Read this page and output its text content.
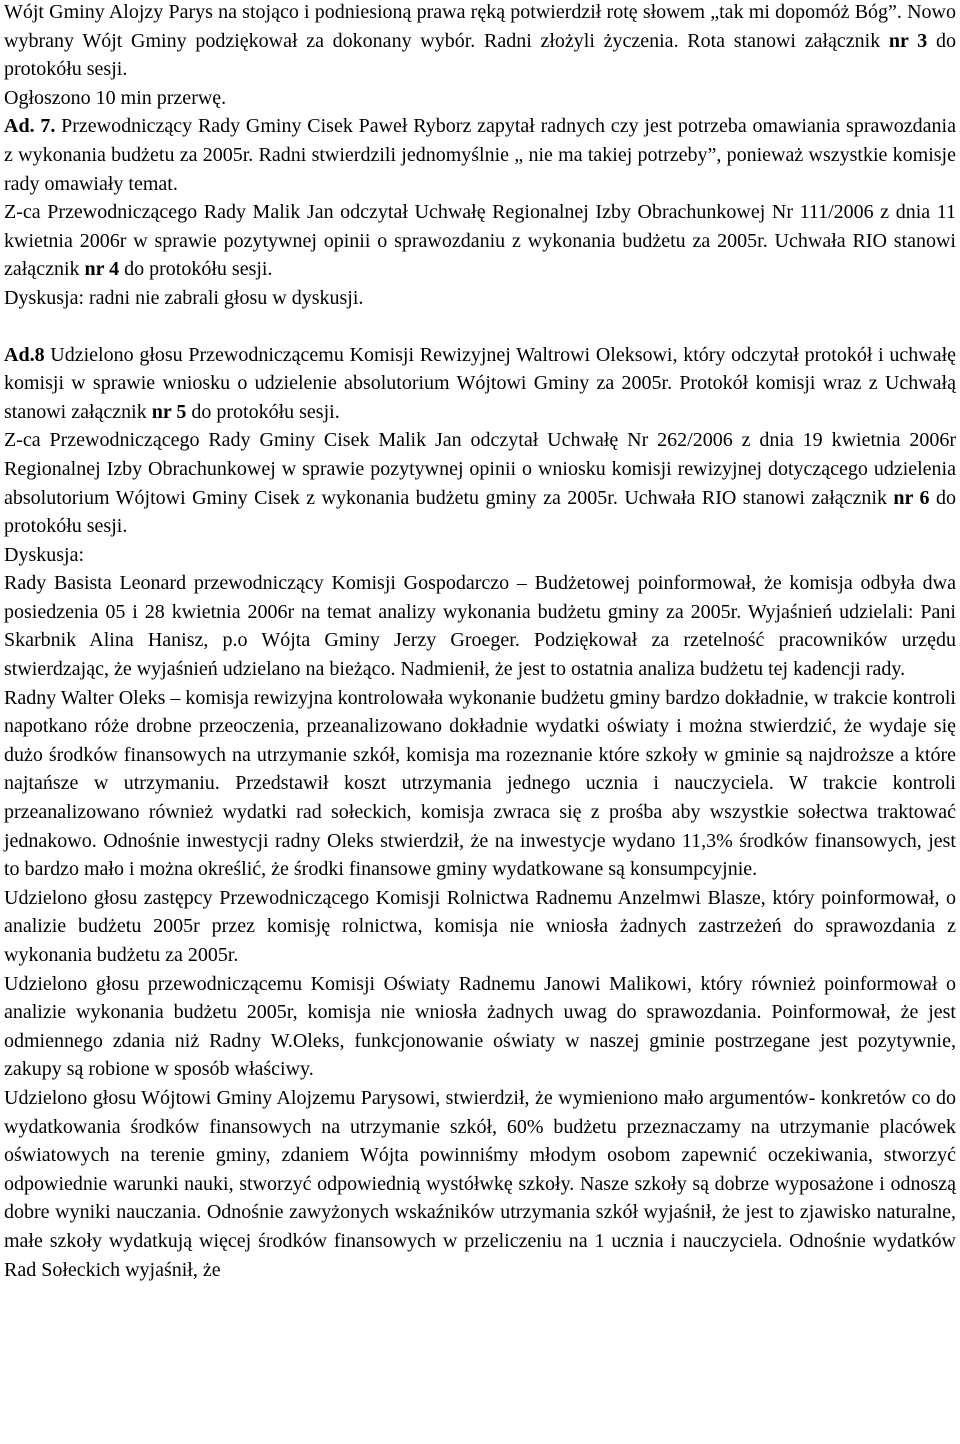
Wójt Gminy Alojzy Parys na stojąco i podniesioną prawa ręką potwierdził rotę słowem „tak mi dopomóż Bóg”. Nowo wybrany Wójt Gminy podziękował za dokonany wybór. Radni złożyli życzenia. Rota stanowi załącznik nr 3 do protokółu sesji.

Ogłoszono 10 min przerwę.

Ad. 7. Przewodniczący Rady Gminy Cisek Paweł Ryborz zapytał radnych czy jest potrzeba omawiania sprawozdania z wykonania budżetu za 2005r. Radni stwierdzili jednomyślnie „ nie ma takiej potrzeby”, ponieważ wszystkie komisje rady omawiały temat.

Z-ca Przewodniczącego Rady Malik Jan odczytał Uchwałę Regionalnej Izby Obrachunkowej Nr 111/2006 z dnia 11 kwietnia 2006r w sprawie pozytywnej opinii o sprawozdaniu z wykonania budżetu za 2005r. Uchwała RIO stanowi załącznik nr 4 do protokółu sesji.

Dyskusja: radni nie zabrali głosu w dyskusji.

Ad.8 Udzielono głosu Przewodniczącemu Komisji Rewizyjnej Waltrowi Oleksowi, który odczytał protokół i uchwałę komisji w sprawie wniosku o udzielenie absolutorium Wójtowi Gminy za 2005r. Protokół komisji wraz z Uchwałą stanowi załącznik nr 5 do protokółu sesji.

Z-ca Przewodniczącego Rady Gminy Cisek Malik Jan odczytał Uchwałę Nr 262/2006 z dnia 19 kwietnia 2006r Regionalnej Izby Obrachunkowej w sprawie pozytywnej opinii o wniosku komisji rewizyjnej dotyczącego udzielenia absolutorium Wójtowi Gminy Cisek z wykonania budżetu gminy za 2005r. Uchwała RIO stanowi załącznik nr 6 do protokółu sesji.

Dyskusja:

Rady Basista Leonard przewodniczący Komisji Gospodarczo – Budżetowej poinformował, że komisja odbyła dwa posiedzenia 05 i 28 kwietnia 2006r na temat analizy wykonania budżetu gminy za 2005r. Wyjaśnień udzielali: Pani Skarbnik Alina Hanisz, p.o Wójta Gminy Jerzy Groeger. Podziękował za rzetelność pracowników urzędu stwierdzając, że wyjaśnień udzielano na bieżąco. Nadmienił, że jest to ostatnia analiza budżetu tej kadencji rady.

Radny Walter Oleks – komisja rewizyjna kontrolowała wykonanie budżetu gminy bardzo dokładnie, w trakcie kontroli napotkano róże drobne przeoczenia, przeanalizowano dokładnie wydatki oświaty i można stwierdzić, że wydaje się dużo środków finansowych na utrzymanie szkół, komisja ma rozeznanie które szkoły w gminie są najdroższe a które najtańsze w utrzymaniu. Przedstawił koszt utrzymania jednego ucznia i nauczyciela. W trakcie kontroli przeanalizowano również wydatki rad sołeckich, komisja zwraca się z prośba aby wszystkie sołectwa traktować jednakowo. Odnośnie inwestycji radny Oleks stwierdził, że na inwestycje wydano 11,3% środków finansowych, jest to bardzo mało i można określić, że środki finansowe gminy wydatkowane są konsumpcyjnie.

Udzielono głosu zastępcy Przewodniczącego Komisji Rolnictwa Radnemu Anzelmwi Blasze, który poinformował, o analizie budżetu 2005r przez komisję rolnictwa, komisja nie wniosła żadnych zastrzeżeń do sprawozdania z wykonania budżetu za 2005r.

Udzielono głosu przewodniczącemu Komisji Oświaty Radnemu Janowi Malikowi, który również poinformował o analizie wykonania budżetu 2005r, komisja nie wniosła żadnych uwag do sprawozdania. Poinformował, że jest odmiennego zdania niż Radny W.Oleks, funkcjonowanie oświaty w naszej gminie postrzegane jest pozytywnie, zakupy są robione w sposób właściwy.

Udzielono głosu Wójtowi Gminy Alojzemu Parysowi, stwierdził, że wymieniono mało argumentów- konkretów co do wydatkowania środków finansowych na utrzymanie szkół, 60% budżetu przeznaczamy na utrzymanie placówek oświatowych na terenie gminy, zdaniem Wójta powinniśmy młodym osobom zapewnić oczekiwania, stworzyć odpowiednie warunki nauki, stworzyć odpowiednią wystółwkę szkoły. Nasze szkoły są dobrze wyposażone i odnoszą dobre wyniki nauczania. Odnośnie zawyżonych wskaźników utrzymania szkół wyjaśnił, że jest to zjawisko naturalne, małe szkoły wydatkują więcej środków finansowych w przeliczeniu na 1 ucznia i nauczyciela. Odnośnie wydatków Rad Sołeckich wyjaśnił, że
